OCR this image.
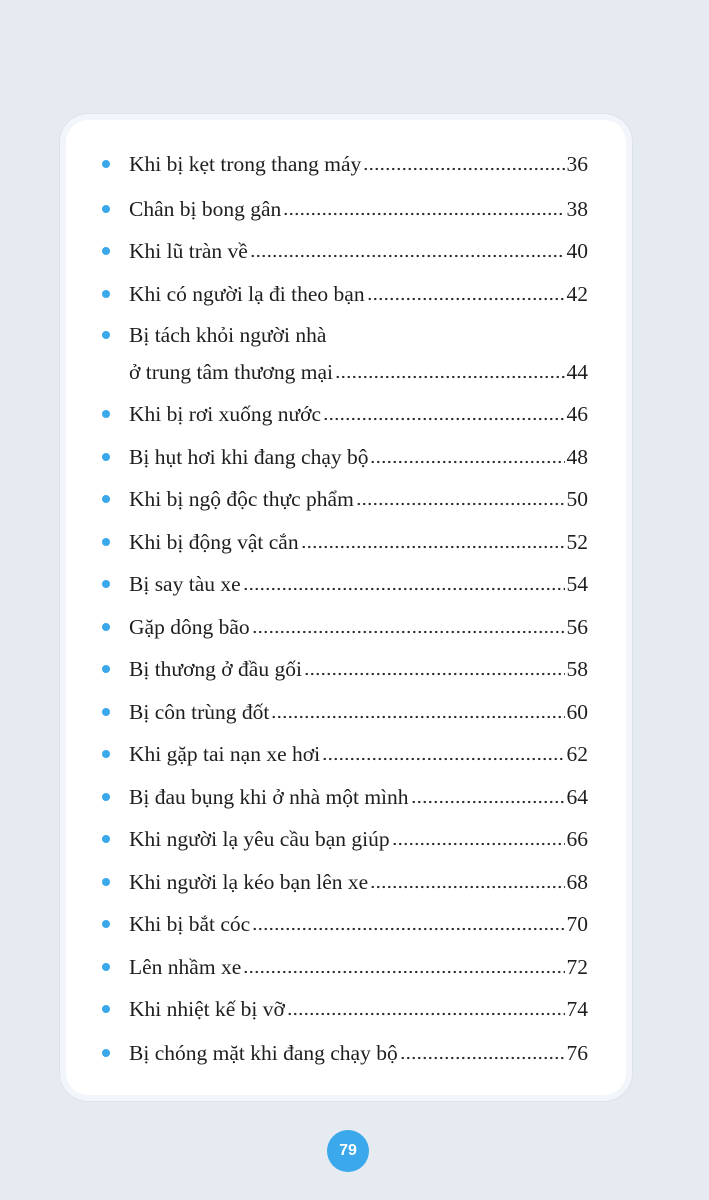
Khi bị kẹt trong thang máy	36
Chân bị bong gân	38
Khi lũ tràn về	40
Khi có người lạ đi theo bạn	42
Bị tách khỏi người nhà
ở trung tâm thương mại	44
Khi bị rơi xuống nước	46
Bị hụt hơi khi đang chạy bộ	48
Khi bị ngộ độc thực phẩm	50
Khi bị động vật cắn	52
Bị say tàu xe	54
Gặp dông bão	56
Bị thương ở đầu gối	58
Bị côn trùng đốt	60
Khi gặp tai nạn xe hơi	62
Bị đau bụng khi ở nhà một mình	64
Khi người lạ yêu cầu bạn giúp	66
Khi người lạ kéo bạn lên xe	68
Khi bị bắt cóc	70
Lên nhầm xe	72
Khi nhiệt kế bị vỡ	74
Bị chóng mặt khi đang chạy bộ	76
79
